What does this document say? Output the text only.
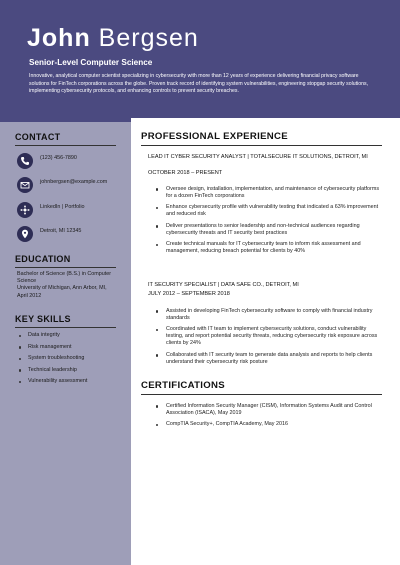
John Bergsen
Senior-Level Computer Science
Innovative, analytical computer scientist specializing in cybersecurity with more than 12 years of experience delivering financial privacy software solutions for FinTech corporations across the globe. Proven track record of identifying system vulnerabilities, engineering stopgap security solutions, implementing cybersecurity protocols, and enhancing controls to prevent security breaches.
CONTACT
(123) 456-7890
johnbergsen@example.com
LinkedIn | Portfolio
Detroit, MI 12345
EDUCATION
KEY SKILLS
Bachelor of Science (B.S.) in Computer Science
University of Michigan, Ann Arbor, MI, April 2012
Data integrity
Risk management
System troubleshooting
Technical leadership
Vulnerability assessment
PROFESSIONAL EXPERIENCE
LEAD IT CYBER SECURITY ANALYST | TOTALSECURE IT SOLUTIONS, DETROIT, MI
OCTOBER 2018 – PRESENT
Oversee design, installation, implementation, and maintenance of cybersecurity platforms for a dozen FinTech corporations
Enhance cybersecurity profile with vulnerability testing that indicated a 63% improvement and reduced risk
Deliver presentations to senior leadership and non-technical audiences regarding cybersecurity threats and IT security best practices
Create technical manuals for IT cybersecurity team to inform risk assessment and management, reducing breach potential for clients by 40%
IT SECURITY SPECIALIST | DATA SAFE CO., DETROIT, MI
JULY 2012 – SEPTEMBER 2018
Assisted in developing FinTech cybersecurity software to comply with financial industry standards
Coordinated with IT team to implement cybersecurity solutions, conduct vulnerability testing, and report potential security threats, reducing cybersecurity risk exposure across clients by 24%
Collaborated with IT security team to generate data analysis and reports to help clients understand their cybersecurity risk posture
CERTIFICATIONS
Certified Information Security Manager (CISM), Information Systems Audit and Control Association (ISACA), May 2019
CompTIA Security+, CompTIA Academy, May 2016
